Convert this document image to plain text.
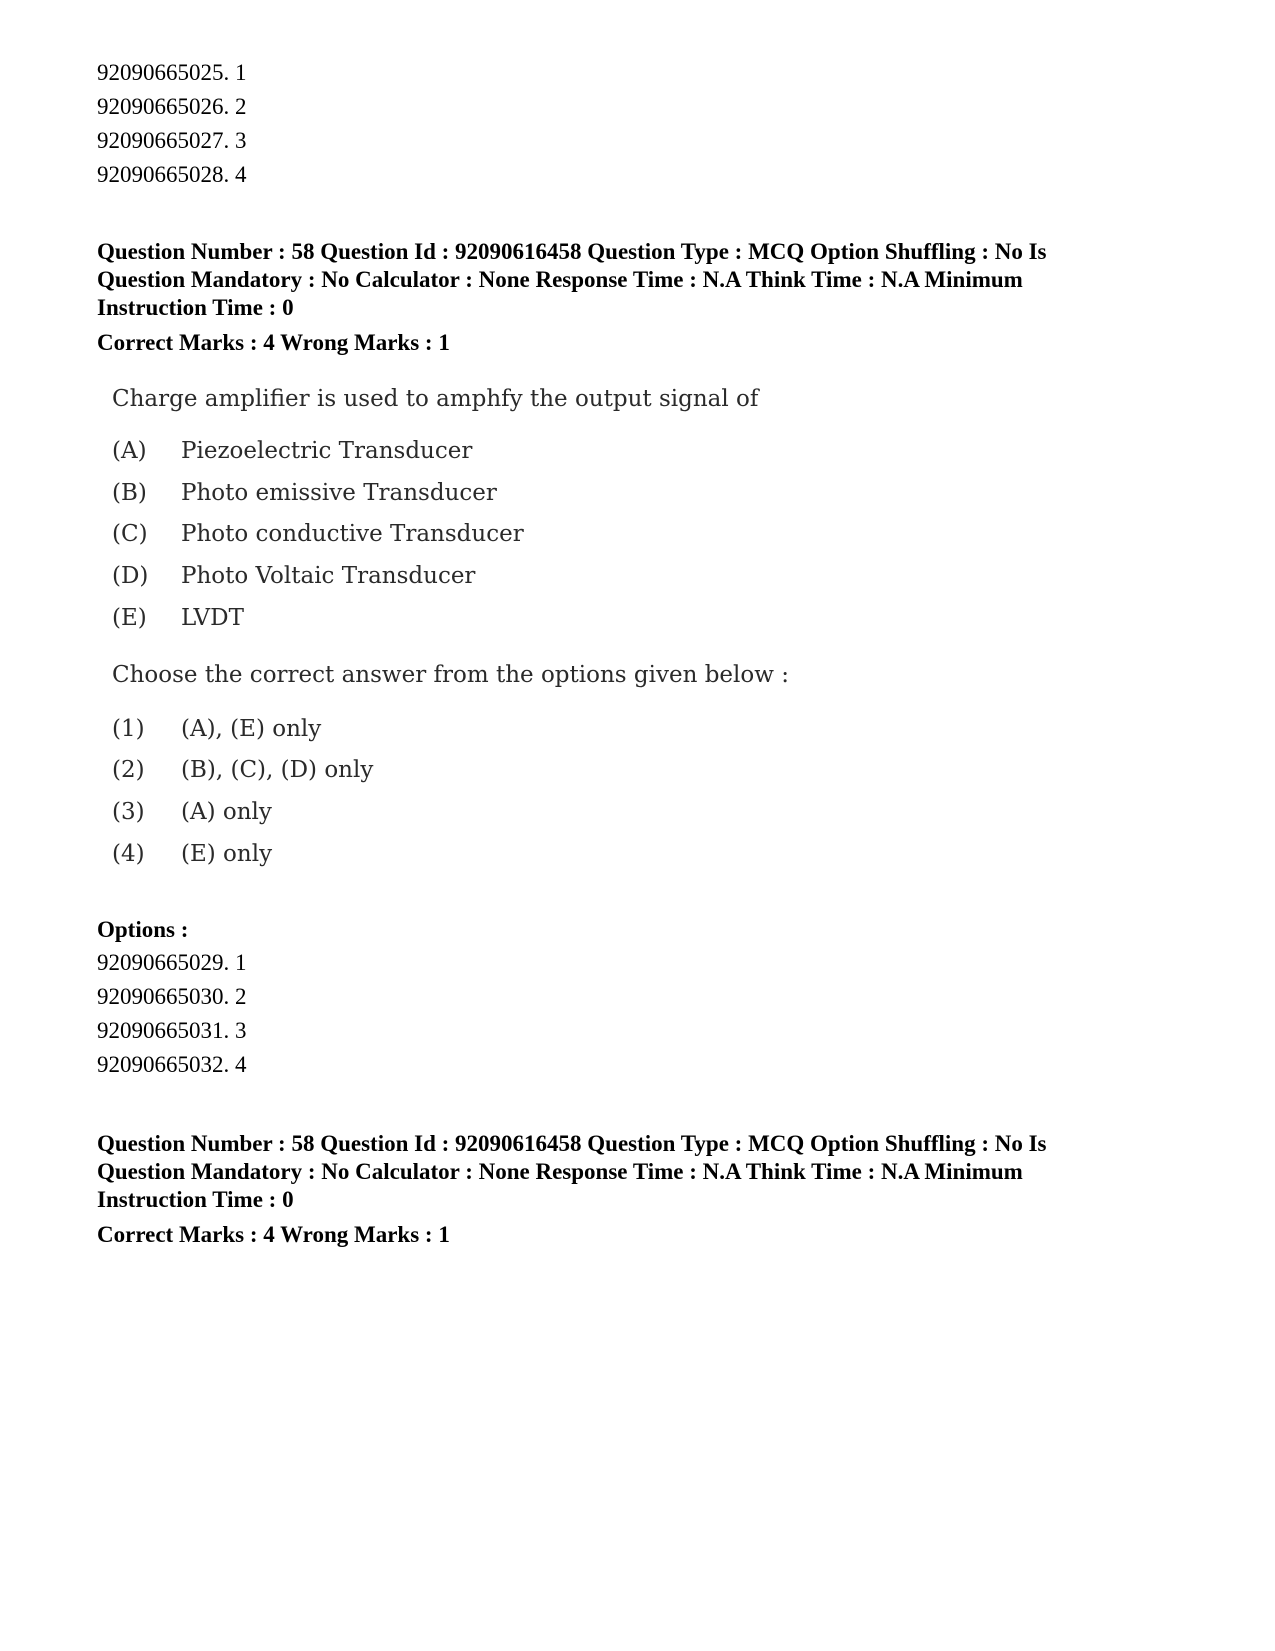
92090665025. 1
92090665026. 2
92090665027. 3
92090665028. 4

Question Number : 58 Question Id : 92090616458 Question Type : MCQ Option Shuffling : No Is

Question Mandatory : No Calculator : None Response Time : N.A Think Time : N.A Minimum

Instruction Time : 0

Correct Marks : 4 Wrong Marks : 1
Charge amplifier is used to amphfy the output signal of
(A) Piezoelectric Transducer
(B) Photo emissive Transducer
(C) Photo conductive Transducer
(D) Photo Voltaic Transducer
(E) LVDT
Choose the correct answer from the options given below :
(1) (A), (E) only
(2) (B), (C), (D) only
(3) (A) only
(4) (E) only
Options :
92090665029. 1
92090665030. 2
92090665031. 3
92090665032. 4

Question Number : 58 Question Id : 92090616458 Question Type : MCQ Option Shuffling : No Is

Question Mandatory : No Calculator : None Response Time : N.A Think Time : N.A Minimum

Instruction Time : 0

Correct Marks : 4 Wrong Marks : 1
